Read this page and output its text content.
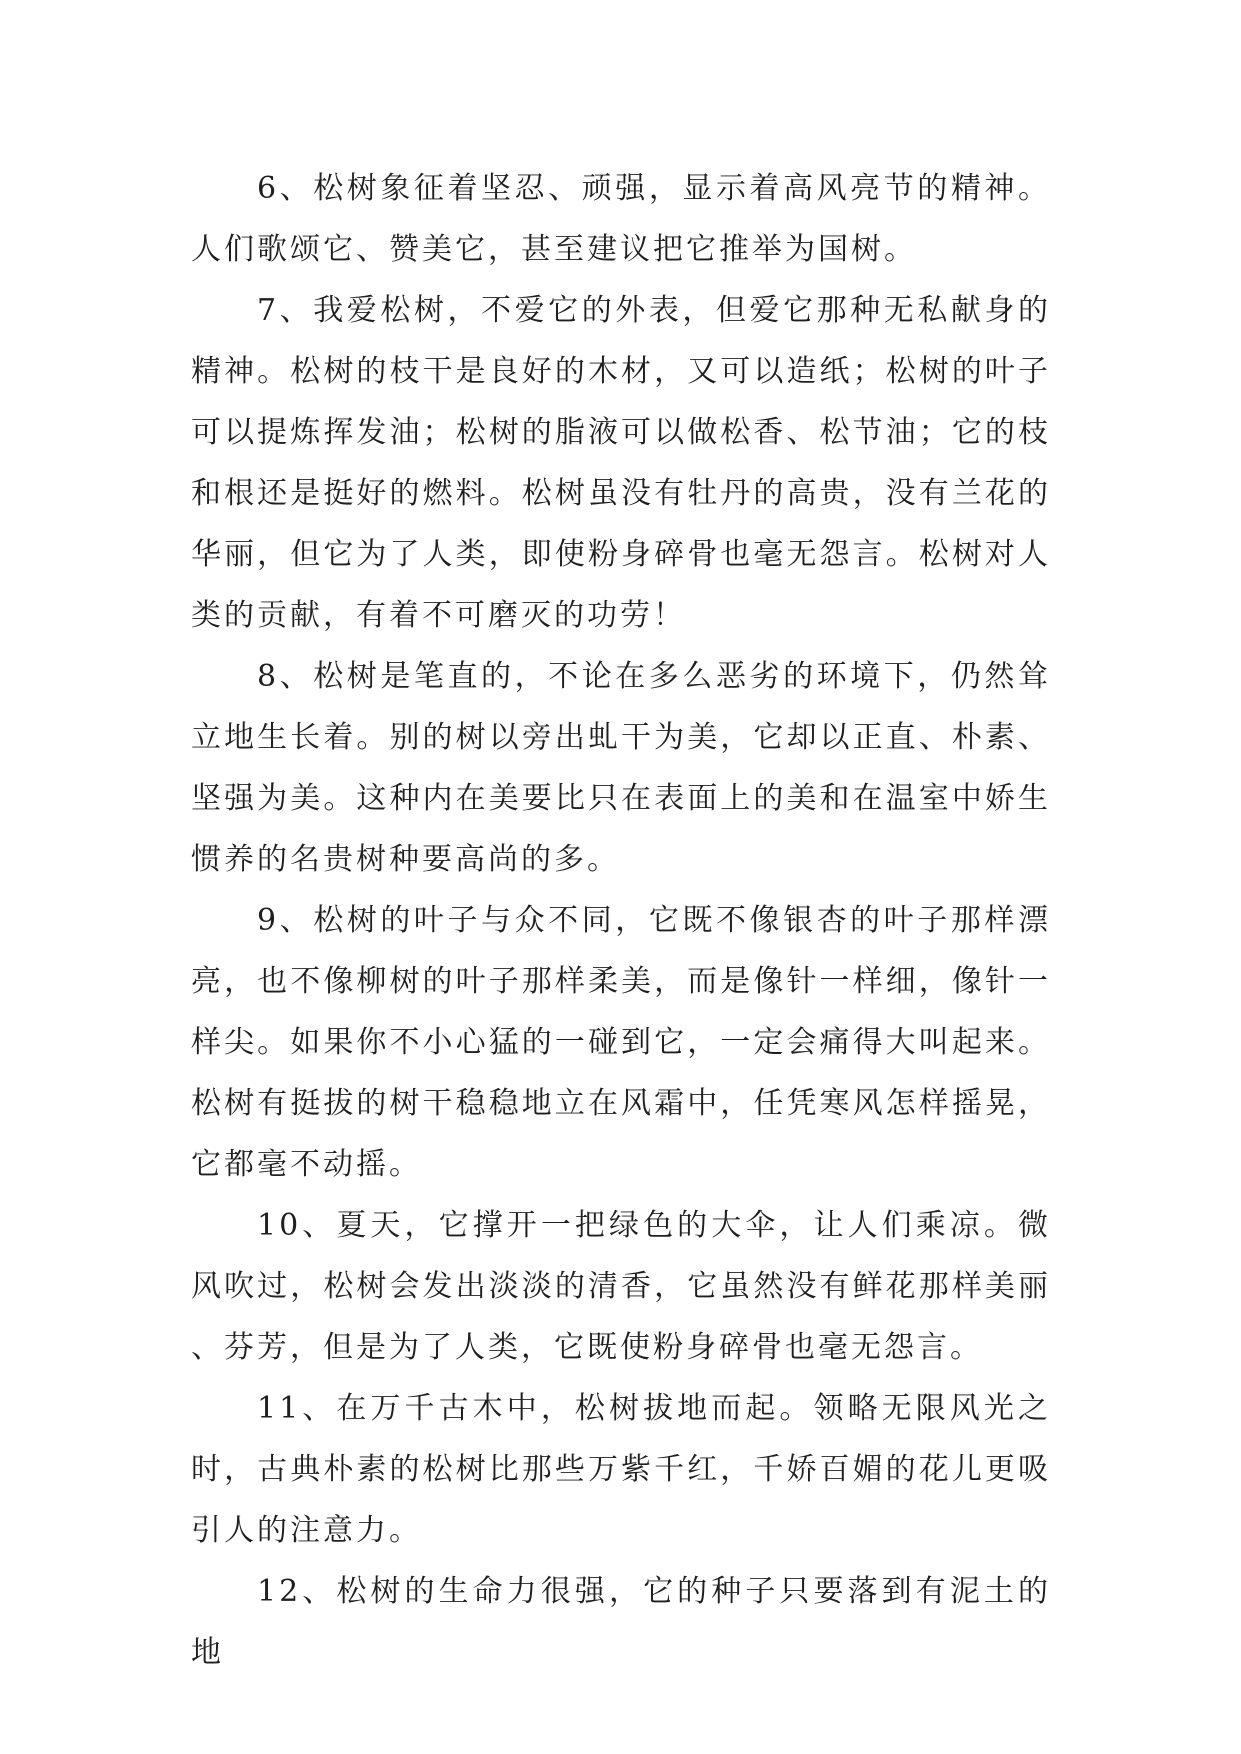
6、松树象征着坚忍、顽强，显示着高风亮节的精神。人们歌颂它、赞美它，甚至建议把它推举为国树。

7、我爱松树，不爱它的外表，但爱它那种无私献身的精神。松树的枝干是良好的木材，又可以造纸；松树的叶子可以提炼挥发油；松树的脂液可以做松香、松节油；它的枝和根还是挺好的燃料。松树虽没有牡丹的高贵，没有兰花的华丽，但它为了人类，即使粉身碎骨也毫无怨言。松树对人类的贡献，有着不可磨灭的功劳！

8、松树是笔直的，不论在多么恶劣的环境下，仍然耸立地生长着。别的树以旁出虬干为美，它却以正直、朴素、坚强为美。这种内在美要比只在表面上的美和在温室中娇生惯养的名贵树种要高尚的多。

9、松树的叶子与众不同，它既不像银杏的叶子那样漂亮，也不像柳树的叶子那样柔美，而是像针一样细，像针一样尖。如果你不小心猛的一碰到它，一定会痛得大叫起来。松树有挺拔的树干稳稳地立在风霜中，任凭寒风怎样摇晃，它都毫不动摇。

10、夏天，它撑开一把绿色的大伞，让人们乘凉。微风吹过，松树会发出淡淡的清香，它虽然没有鲜花那样美丽、芬芳，但是为了人类，它既使粉身碎骨也毫无怨言。

11、在万千古木中，松树拔地而起。领略无限风光之时，古典朴素的松树比那些万紫千红，千娇百媚的花儿更吸引人的注意力。

12、松树的生命力很强，它的种子只要落到有泥土的地
